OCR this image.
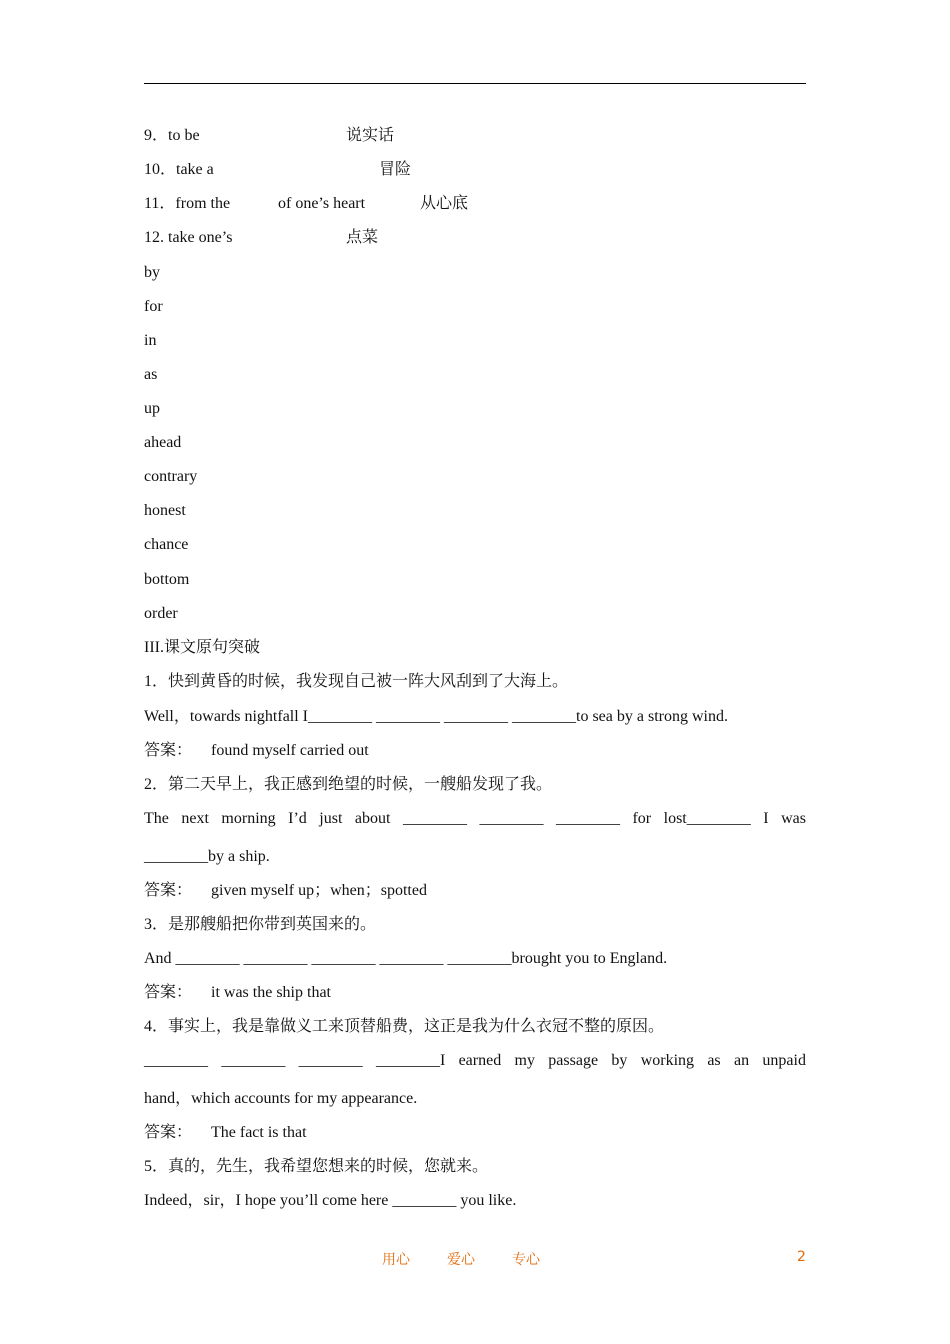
9．to be	说实话
10．take a	冒险
11．from the	of one’s heart	从心底
12. take one’s	点菜
by
for
in
as
up
ahead
contrary
honest
chance
bottom
order
III.课文原句突破
1．快到黄昏的时候，我发现自己被一阵大风刮到了大海上。
Well，towards nightfall I________ ________ ________ ________to sea by a strong wind.
答案： found myself carried out
2．第二天早上，我正感到绝望的时候，一艘船发现了我。
The next morning I’d just about ________ ________ ________ for lost________ I was
________by a ship.
答案： given myself up；when；spotted
3．是那艘船把你带到英国来的。
And ________ ________ ________ ________ ________brought you to England.
答案： it was the ship that
4．事实上，我是靠做义工来顶替船费，这正是我为什么衣冠不整的原因。
________ ________ ________ ________I earned my passage by working as an unpaid
hand，which accounts for my appearance.
答案： The fact is that
5．真的，先生，我希望您想来的时候，您就来。
Indeed，sir，I hope you’ll come here ________ you like.
用心	爱心	专心	2
